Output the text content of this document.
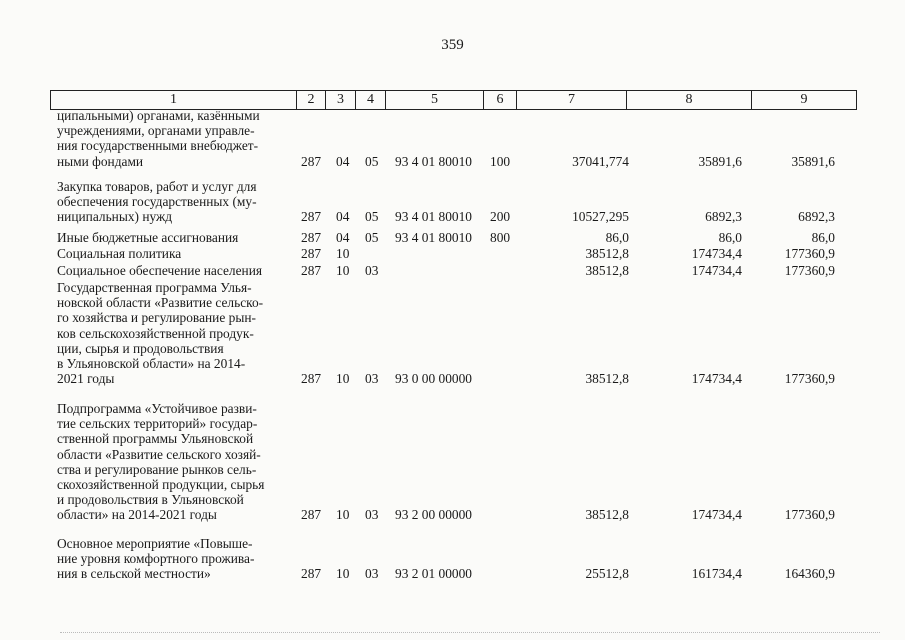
359
1	2	3	4	5	6	7	8	9
ципальными) органами, казёнными
учреждениями, органами управле-
ния государственными внебюджет-
ными фондами	287 04 05 93 4 01 80010 100	37041,774	35891,6	35891,6
Закупка товаров, работ и услуг для
обеспечения государственных (му-
ниципальных) нужд	287 04 05 93 4 01 80010 200	10527,295	6892,3	6892,3
Иные бюджетные ассигнования	287 04 05 93 4 01 80010 800	86,0	86,0	86,0
Социальная политика	287 10	38512,8	174734,4	177360,9
Социальное обеспечение населения	287 10 03	38512,8	174734,4	177360,9
Государственная программа Улья-
новской области «Развитие сельско-
го хозяйства и регулирование рын-
ков сельскохозяйственной продук-
ции, сырья и продовольствия
в Ульяновской области» на 2014-
2021 годы	287 10 03 93 0 00 00000	38512,8	174734,4	177360,9
Подпрограмма «Устойчивое разви-
тие сельских территорий» государ-
ственной программы Ульяновской
области «Развитие сельского хозяй-
ства и регулирование рынков сель-
скохозяйственной продукции, сырья
и продовольствия в Ульяновской
области» на 2014-2021 годы	287 10 03 93 2 00 00000	38512,8	174734,4	177360,9
Основное мероприятие «Повыше-
ние уровня комфортного прожива-
ния в сельской местности»	287 10 03 93 2 01 00000	25512,8	161734,4	164360,9
